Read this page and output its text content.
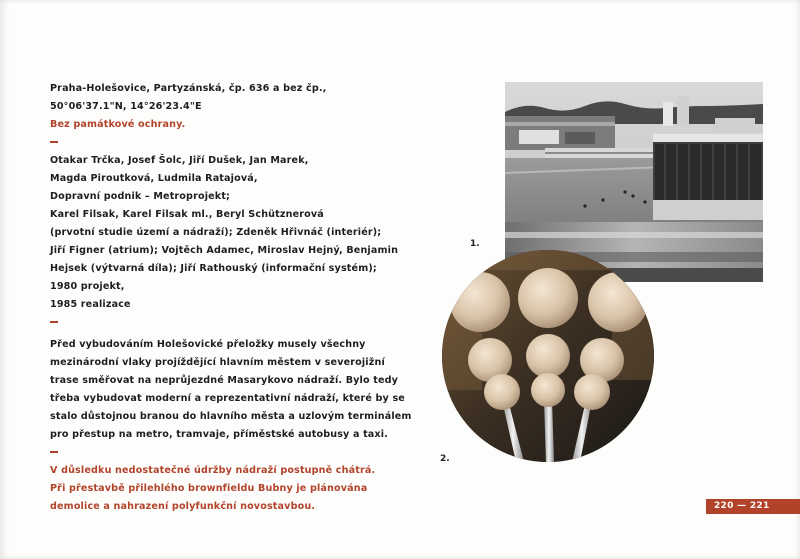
Praha-Holešovice, Partyzánská, čp. 636 a bez čp.,
50°06'37.1"N, 14°26'23.4"E
Bez památkové ochrany.
Otakar Trčka, Josef Šolc, Jiří Dušek, Jan Marek,
Magda Piroutková, Ludmila Ratajová,
Dopravní podnik – Metroprojekt;
Karel Filsak, Karel Filsak ml., Beryl Schütznerová
(prvotní studie území a nádraží); Zdeněk Hřivnáč (interiér);
Jiří Figner (atrium); Vojtěch Adamec, Miroslav Hejný, Benjamin
Hejsek (výtvarná díla); Jiří Rathouský (informační systém);
1980 projekt,
1985 realizace
Před vybudováním Holešovické přeložky musely všechny
mezinárodní vlaky projíždějící hlavním městem v severojižní
trase směřovat na neprůjezdné Masarykovo nádraží. Bylo tedy
třeba vybudovat moderní a reprezentativní nádraží, které by se
stalo důstojnou branou do hlavního města a uzlovým terminálem
pro přestup na metro, tramvaje, příměstské autobusy a taxi.
V důsledku nedostatečné údržby nádraží postupně chátrá.
Při přestavbě přilehlého brownfieldu Bubny je plánována
demolice a nahrazení polyfunkční novostavbou.
1.
2.
220 — 221
